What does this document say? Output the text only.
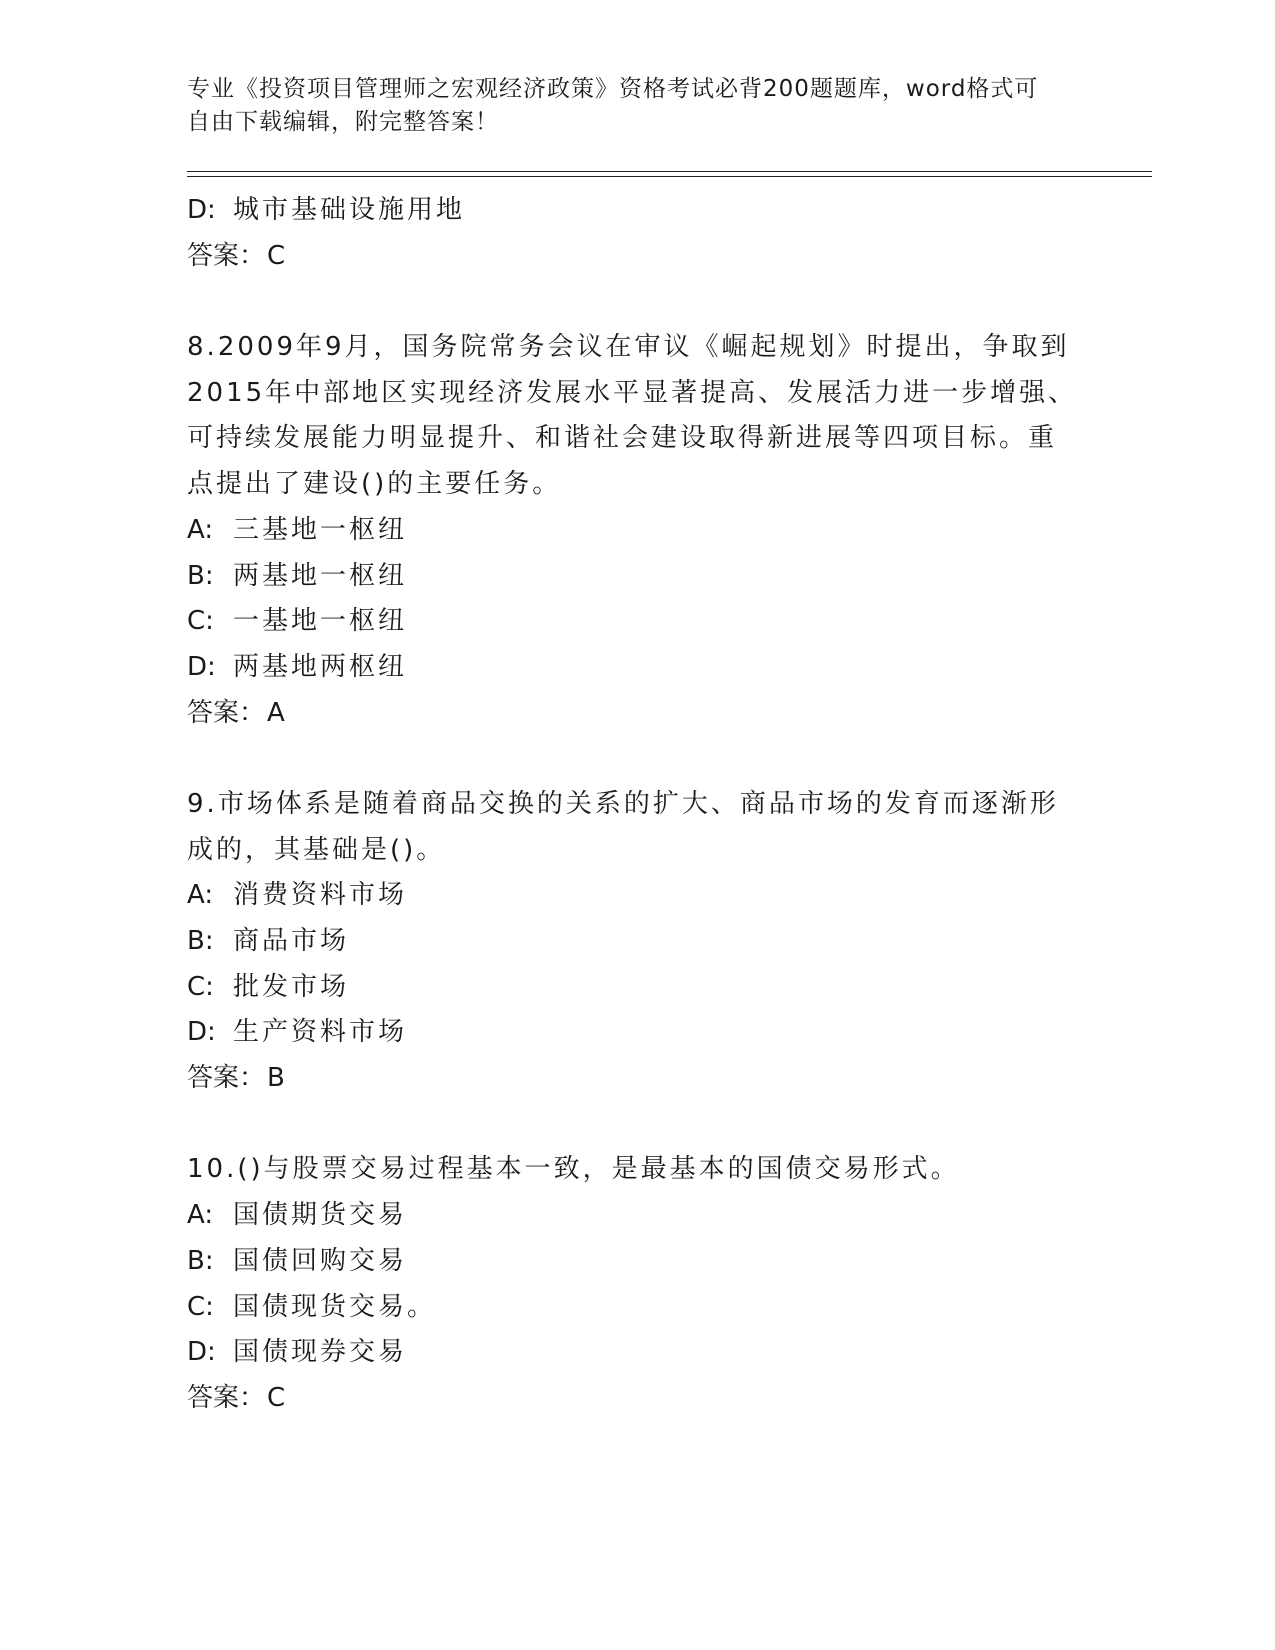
专业《投资项目管理师之宏观经济政策》资格考试必背200题题库，word格式可
自由下载编辑，附完整答案！
D: 城市基础设施用地
答案：C
8.2009年9月，国务院常务会议在审议《崛起规划》时提出，争取到
2015年中部地区实现经济发展水平显著提高、发展活力进一步增强、
可持续发展能力明显提升、和谐社会建设取得新进展等四项目标。重
点提出了建设()的主要任务。
A: 三基地一枢纽
B: 两基地一枢纽
C: 一基地一枢纽
D: 两基地两枢纽
答案：A
9.市场体系是随着商品交换的关系的扩大、商品市场的发育而逐渐形
成的，其基础是()。
A: 消费资料市场
B: 商品市场
C: 批发市场
D: 生产资料市场
答案：B
10.()与股票交易过程基本一致，是最基本的国债交易形式。
A: 国债期货交易
B: 国债回购交易
C: 国债现货交易。
D: 国债现券交易
答案：C
